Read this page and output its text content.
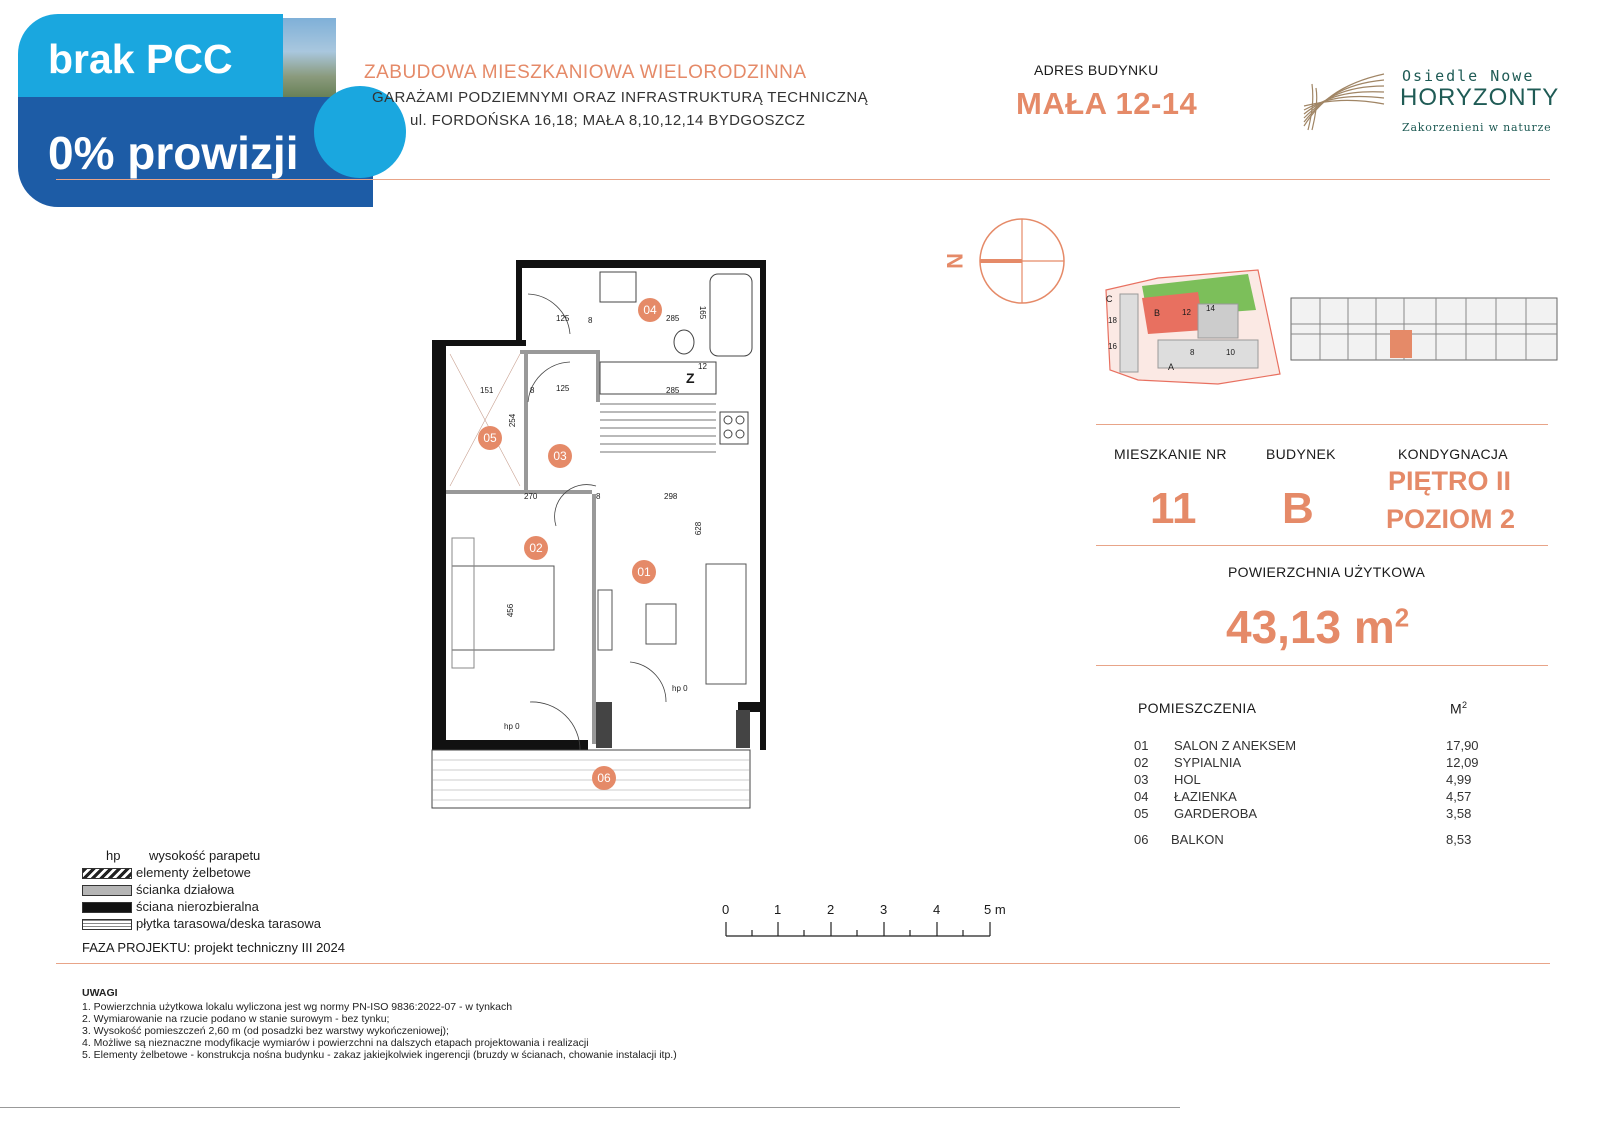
brak PCC
0% prowizji
ZABUDOWA MIESZKANIOWA WIELORODZINNA
GARAŻAMI PODZIEMNYMI ORAZ INFRASTRUKTURĄ TECHNICZNĄ
ul. FORDOŃSKA 16,18; MAŁA 8,10,12,14 BYDGOSZCZ
ADRES BUDYNKU
MAŁA 12-14
Osiedle Nowe
HORYZONTY
Zakorzenieni w naturze
N
C
B	12 14
18
16
8	10
A
MIESZKANIE NR	BUDYNEK	KONDYGNACJA
11 B
PIĘTRO II
POZIOM 2
POWIERZCHNIA UŻYTKOWA
43,13 $m^2$
POMIESZCZENIA	$M^2$
01 SALON Z ANEKSEM	17,90
02 SYPIALNIA	12,09
03 HOL	4,99
04 ŁAZIENKA	4,57
05 GARDEROBA	3,58
06 BALKON	8,53
04
05
03
02
01
06
125 8	285 165
151	8	125	285
12
254
270	8	298
628
456
hp 0
hp 0
Z
hp wysokość parapetu
elementy żelbetowe
ścianka działowa
ściana nierozbieralna
płytka tarasowa/deska tarasowa
FAZA PROJEKTU: projekt techniczny III 2024
0	1	2	3	4	5 m
UWAGI
1. Powierzchnia użytkowa lokalu wyliczona jest wg normy PN-ISO 9836:2022-07 - w tynkach
2. Wymiarowanie na rzucie podano w stanie surowym - bez tynku;
3. Wysokość pomieszczeń 2,60 m (od posadzki bez warstwy wykończeniowej);
4. Możliwe są nieznaczne modyfikacje wymiarów i powierzchni na dalszych etapach projektowania i realizacji
5. Elementy żelbetowe - konstrukcja nośna budynku - zakaz jakiejkolwiek ingerencji (bruzdy w ścianach, chowanie instalacji itp.)
